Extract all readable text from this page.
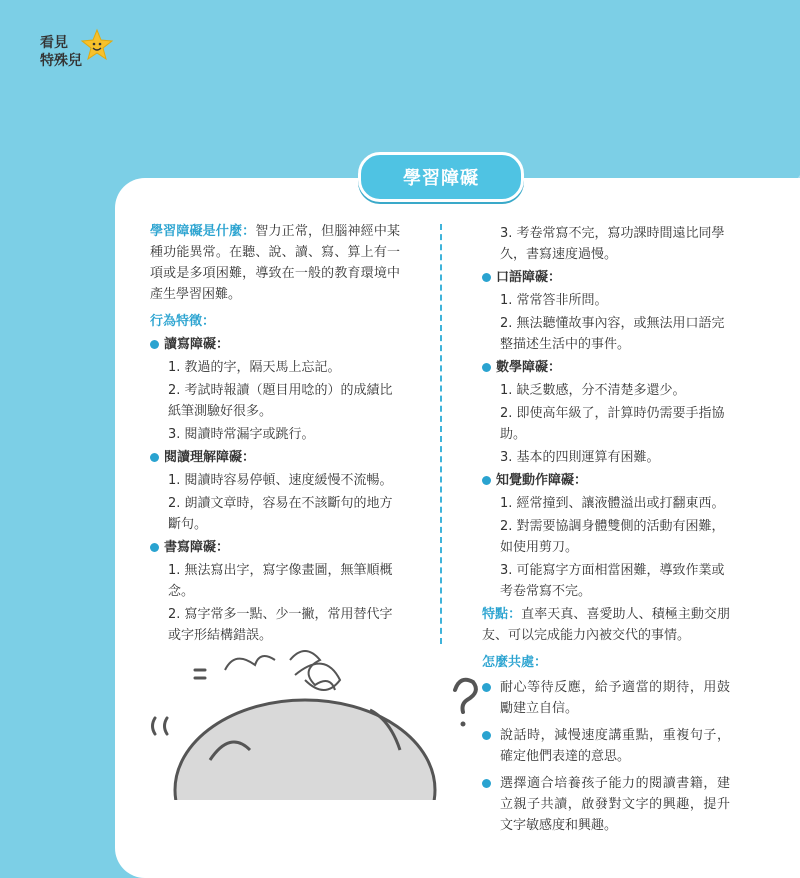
看見
特殊兒
學習障礙

學習障礙是什麼：智力正常，但腦神經中某種功能異常。在聽、說、讀、寫、算上有一項或是多項困難，導致在一般的教育環境中產生學習困難。

行為特徵：
讀寫障礙：
1. 教過的字，隔天馬上忘記。
2. 考試時報讀（題目用唸的）的成績比紙筆測驗好很多。
3. 閱讀時常漏字或跳行。
閱讀理解障礙：
1. 閱讀時容易停頓、速度緩慢不流暢。
2. 朗讀文章時，容易在不該斷句的地方斷句。
書寫障礙：
1. 無法寫出字，寫字像畫圖，無筆順概念。
2. 寫字常多一點、少一撇，常用替代字或字形結構錯誤。
3. 考卷常寫不完，寫功課時間遠比同學久，書寫速度過慢。
口語障礙：
1. 常常答非所問。
2. 無法聽懂故事內容，或無法用口語完整描述生活中的事件。
數學障礙：
1. 缺乏數感，分不清楚多還少。
2. 即使高年級了，計算時仍需要手指協助。
3. 基本的四則運算有困難。
知覺動作障礙：
1. 經常撞到、讓液體溢出或打翻東西。
2. 對需要協調身體雙側的活動有困難，如使用剪刀。
3. 可能寫字方面相當困難，導致作業或考卷常寫不完。

特點：直率天真、喜愛助人、積極主動交朋友、可以完成能力內被交代的事情。

怎麼共處：
耐心等待反應，給予適當的期待，用鼓勵建立自信。
說話時，減慢速度講重點，重複句子，確定他們表達的意思。
選擇適合培養孩子能力的閱讀書籍，建立親子共讀，啟發對文字的興趣，提升文字敏感度和興趣。
